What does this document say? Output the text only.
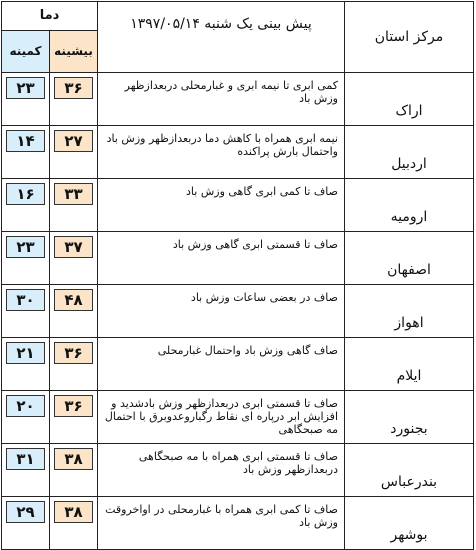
مرکز استان	پیش بینی یک شنبه ۱۳۹۷/۰۵/۱۴	دما	
		بیشینه	کمینه
اراک	کمی ابری تا نیمه ابری و غبارمحلی دربعدازظهر وزش باد	۳۶	۲۳

اردبیل	نیمه ابری همراه با کاهش دما دربعدازظهر وزش باد واحتمال بارش پراکنده	۲۷	۱۴

ارومیه	صاف تا کمی ابری گاهی وزش باد	۳۳	۱۶

اصفهان	صاف تا قسمتی ابری گاهی وزش باد	۳۷	۲۳

اهواز	صاف در بعضی ساعات وزش باد	۴۸	۳۰

ایلام	صاف گاهی وزش باد واحتمال غبارمحلی	۳۶	۲۱

بجنورد	صاف تا قسمتی ابری دربعدازظهر وزش بادشدید و افزایش ابر درپاره ای نقاط رگباروعدوبرق با احتمال مه صبحگاهی	۳۶	۲۰

بندرعباس	صاف تا قسمتی ابری همراه با مه صبحگاهی دربعدازظهر وزش باد	۳۸	۳۱

بوشهر	صاف تا کمی ابری همراه با غبارمحلی در اواخروقت وزش باد	۳۸	۲۹
